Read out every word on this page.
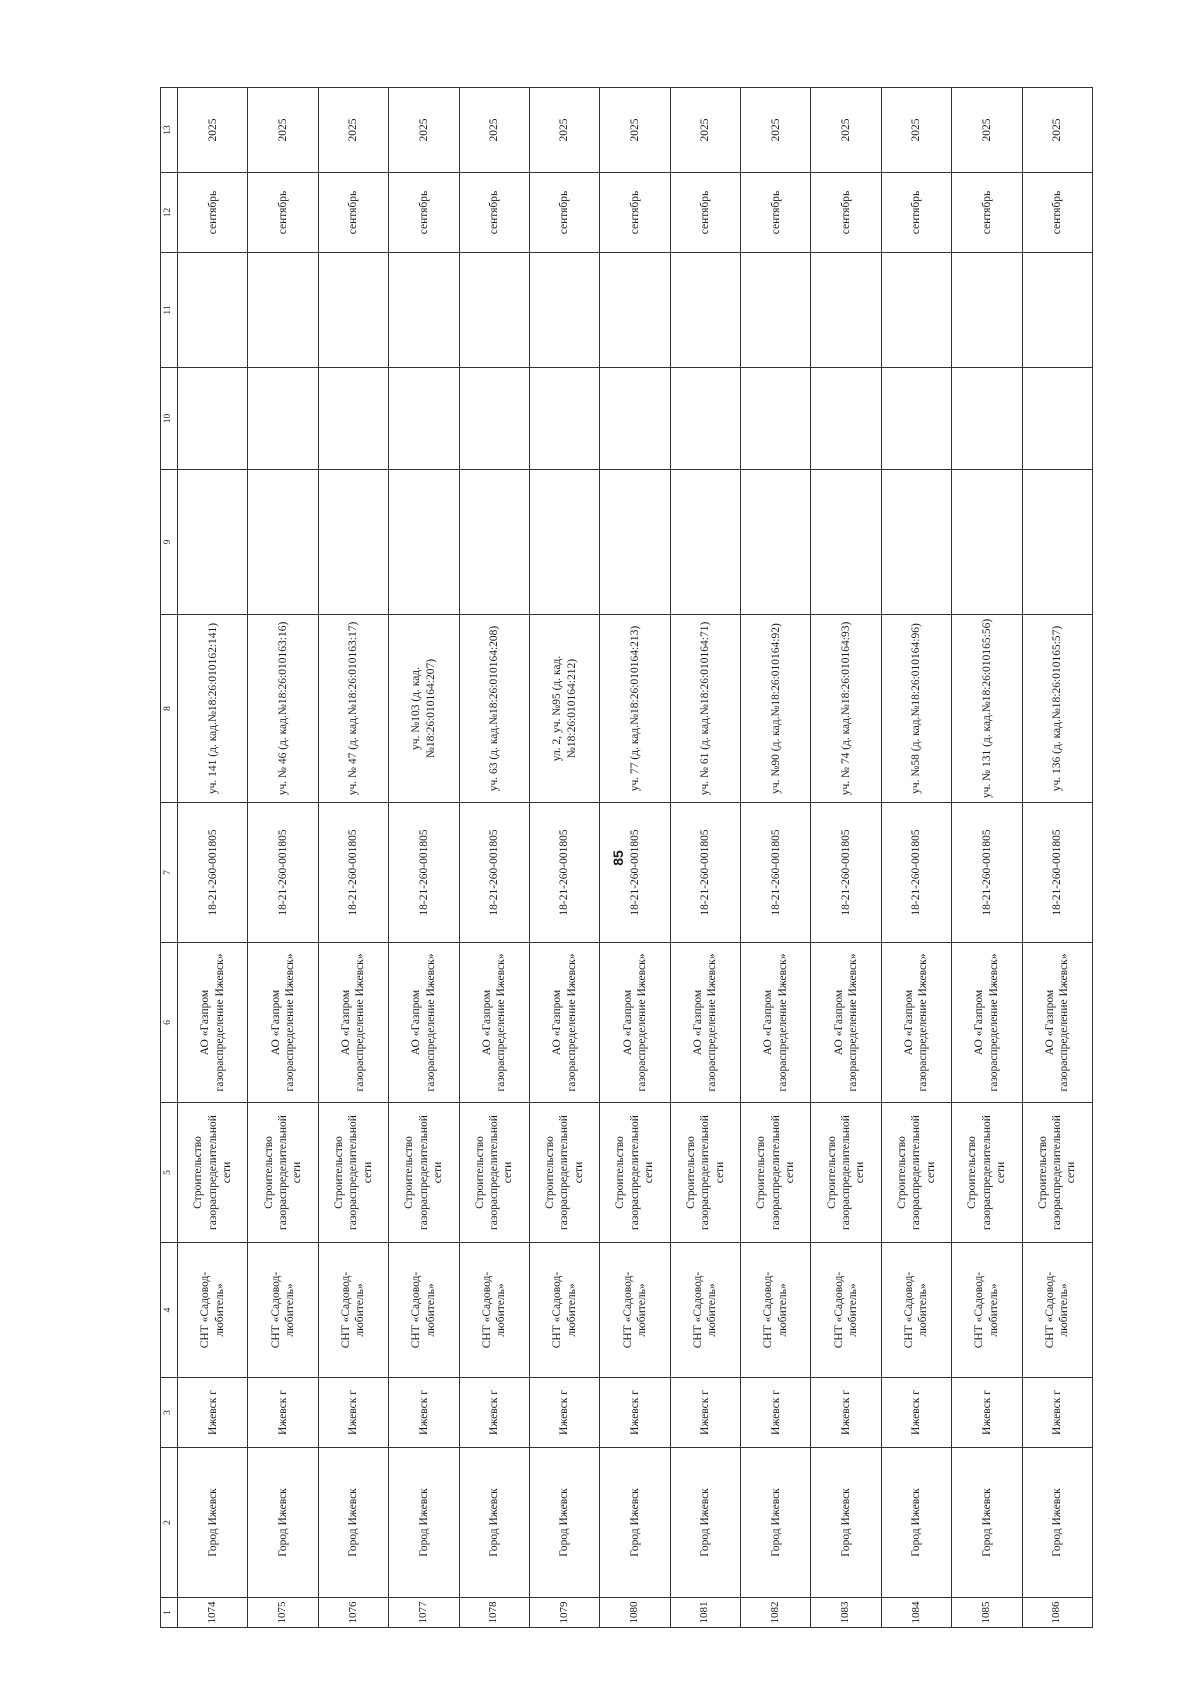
85
1	2	3	4	5	6	7	8	9	10	11	12	13
1074	Город Ижевск	Ижевск г	СНТ «Садовод-любитель»	Строительство газораспределительной сети	АО «Газпром газораспределение Ижевск»	18-21-260-001805	уч. 141 (д. кад.№18:26:010162:141)				сентябрь	2025
1075	Город Ижевск	Ижевск г	СНТ «Садовод-любитель»	Строительство газораспределительной сети	АО «Газпром газораспределение Ижевск»	18-21-260-001805	уч. № 46 (д. кад.№18:26:010163:16)				сентябрь	2025
1076	Город Ижевск	Ижевск г	СНТ «Садовод-любитель»	Строительство газораспределительной сети	АО «Газпром газораспределение Ижевск»	18-21-260-001805	уч. № 47 (д. кад.№18:26:010163:17)				сентябрь	2025
1077	Город Ижевск	Ижевск г	СНТ «Садовод-любитель»	Строительство газораспределительной сети	АО «Газпром газораспределение Ижевск»	18-21-260-001805	уч. №103 (д. кад.№18:26:010164:207)				сентябрь	2025
1078	Город Ижевск	Ижевск г	СНТ «Садовод-любитель»	Строительство газораспределительной сети	АО «Газпром газораспределение Ижевск»	18-21-260-001805	уч. 63 (д. кад.№18:26:010164:208)				сентябрь	2025
1079	Город Ижевск	Ижевск г	СНТ «Садовод-любитель»	Строительство газораспределительной сети	АО «Газпром газораспределение Ижевск»	18-21-260-001805	ул. 2, уч. №95 (д. кад.№18:26:010164:212)				сентябрь	2025
1080	Город Ижевск	Ижевск г	СНТ «Садовод-любитель»	Строительство газораспределительной сети	АО «Газпром газораспределение Ижевск»	18-21-260-001805	уч. 77 (д. кад.№18:26:010164:213)				сентябрь	2025
1081	Город Ижевск	Ижевск г	СНТ «Садовод-любитель»	Строительство газораспределительной сети	АО «Газпром газораспределение Ижевск»	18-21-260-001805	уч. № 61 (д. кад.№18:26:010164:71)				сентябрь	2025
1082	Город Ижевск	Ижевск г	СНТ «Садовод-любитель»	Строительство газораспределительной сети	АО «Газпром газораспределение Ижевск»	18-21-260-001805	уч. №90 (д. кад.№18:26:010164:92)				сентябрь	2025
1083	Город Ижевск	Ижевск г	СНТ «Садовод-любитель»	Строительство газораспределительной сети	АО «Газпром газораспределение Ижевск»	18-21-260-001805	уч. № 74 (д. кад.№18:26:010164:93)				сентябрь	2025
1084	Город Ижевск	Ижевск г	СНТ «Садовод-любитель»	Строительство газораспределительной сети	АО «Газпром газораспределение Ижевск»	18-21-260-001805	уч. №58 (д. кад.№18:26:010164:96)				сентябрь	2025
1085	Город Ижевск	Ижевск г	СНТ «Садовод-любитель»	Строительство газораспределительной сети	АО «Газпром газораспределение Ижевск»	18-21-260-001805	уч. № 131 (д. кад.№18:26:010165:56)				сентябрь	2025
1086	Город Ижевск	Ижевск г	СНТ «Садовод-любитель»	Строительство газораспределительной сети	АО «Газпром газораспределение Ижевск»	18-21-260-001805	уч. 136 (д. кад.№18:26:010165:57)				сентябрь	2025
